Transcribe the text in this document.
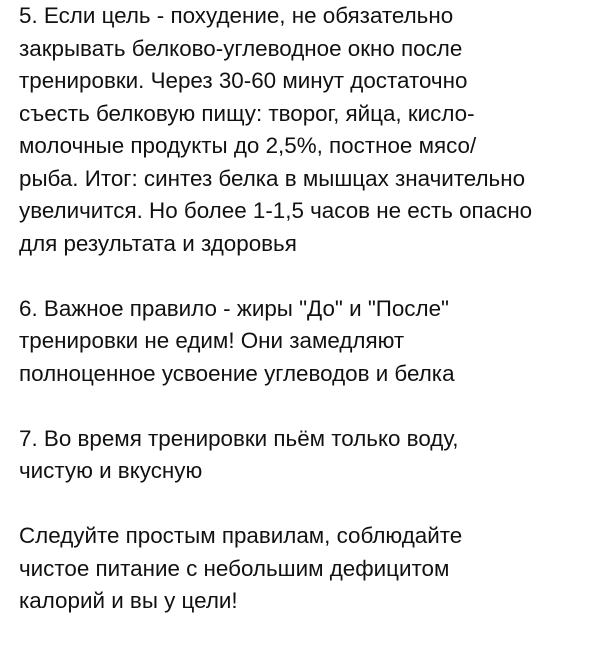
5. Если цель - похудение, не обязательно
закрывать белково-углеводное окно после
тренировки. Через 30-60 минут достаточно
съесть белковую пищу: творог, яйца, кисло-
молочные продукты до 2,5%, постное мясо/
рыба. Итог: синтез белка в мышцах значительно
увеличится. Но более 1-1,5 часов не есть опасно
для результата и здоровья

6. Важное правило - жиры "До" и "После"
тренировки не едим! Они замедляют
полноценное усвоение углеводов и белка

7. Во время тренировки пьём только воду,
чистую и вкусную

Следуйте простым правилам, соблюдайте
чистое питание с небольшим дефицитом
калорий и вы у цели!
